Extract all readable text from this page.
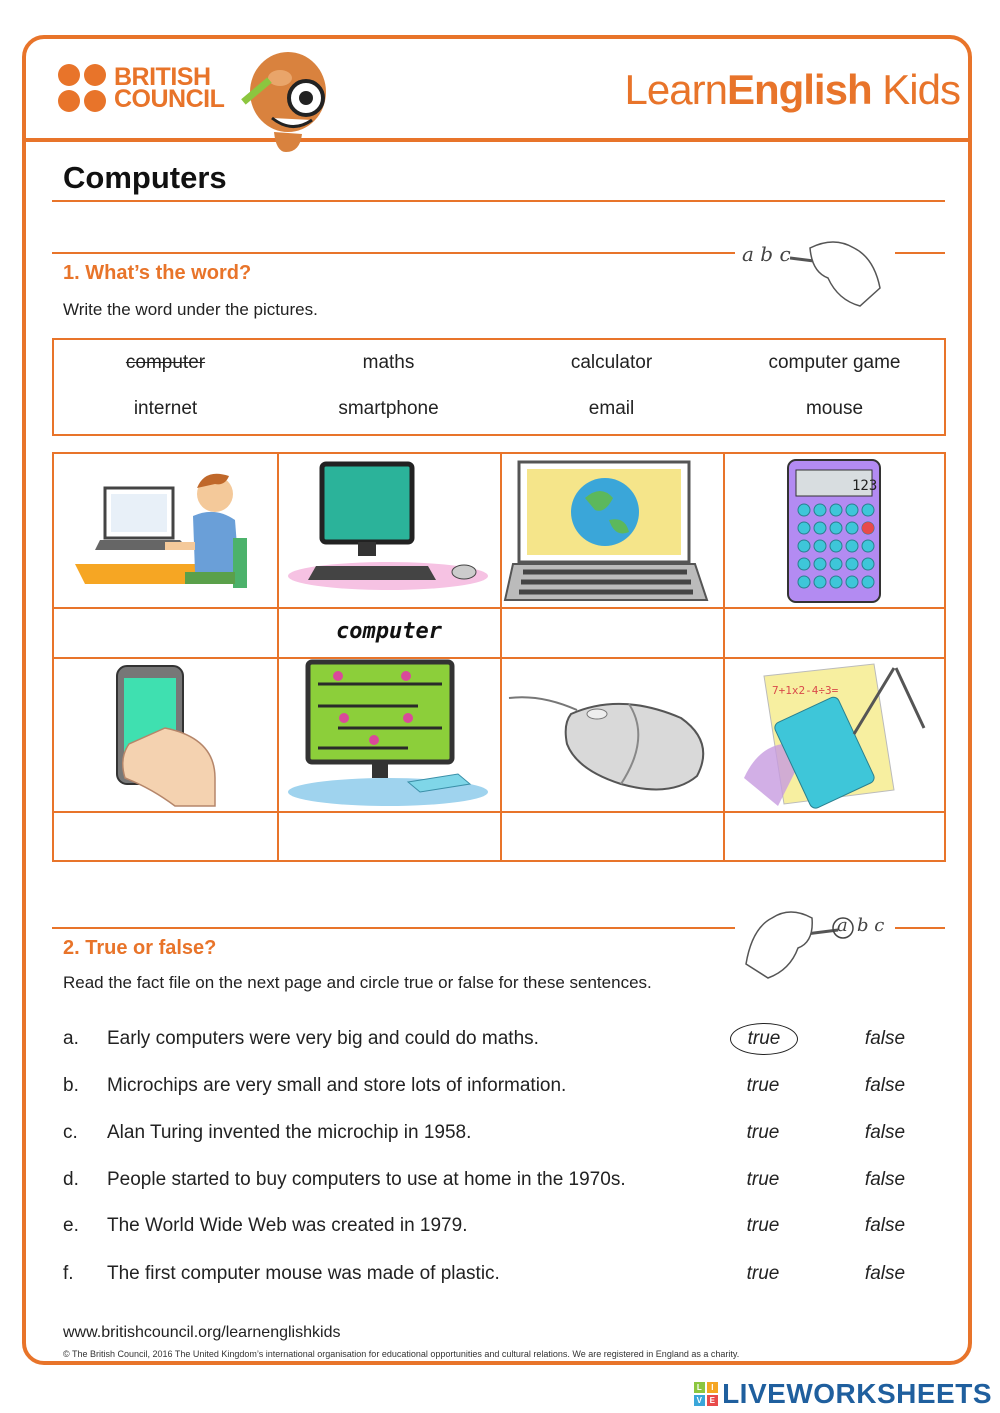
BRITISH
COUNCIL	LearnEnglish Kids
Computers
a b c
1. What’s the word?
Write the word under the pictures.
computer	maths	calculator	computer game
internet	smartphone	email	mouse
123
computer
7+1x2-4÷3=
a b c
2. True or false?
Read the fact file on the next page and circle true or false for these sentences.
a. Early computers were very big and could do maths.	true	false
b. Microchips are very small and store lots of information.	true	false
c. Alan Turing invented the microchip in 1958.	true	false
d. People started to buy computers to use at home in the 1970s.	true	false
e. The World Wide Web was created in 1979.	true	false
f. The first computer mouse was made of plastic.	true	false
www.britishcouncil.org/learnenglishkids
© The British Council, 2016 The United Kingdom’s international organisation for educational opportunities and cultural relations. We are registered in England as a charity.
L	I
V E LIVEWORKSHEETS
